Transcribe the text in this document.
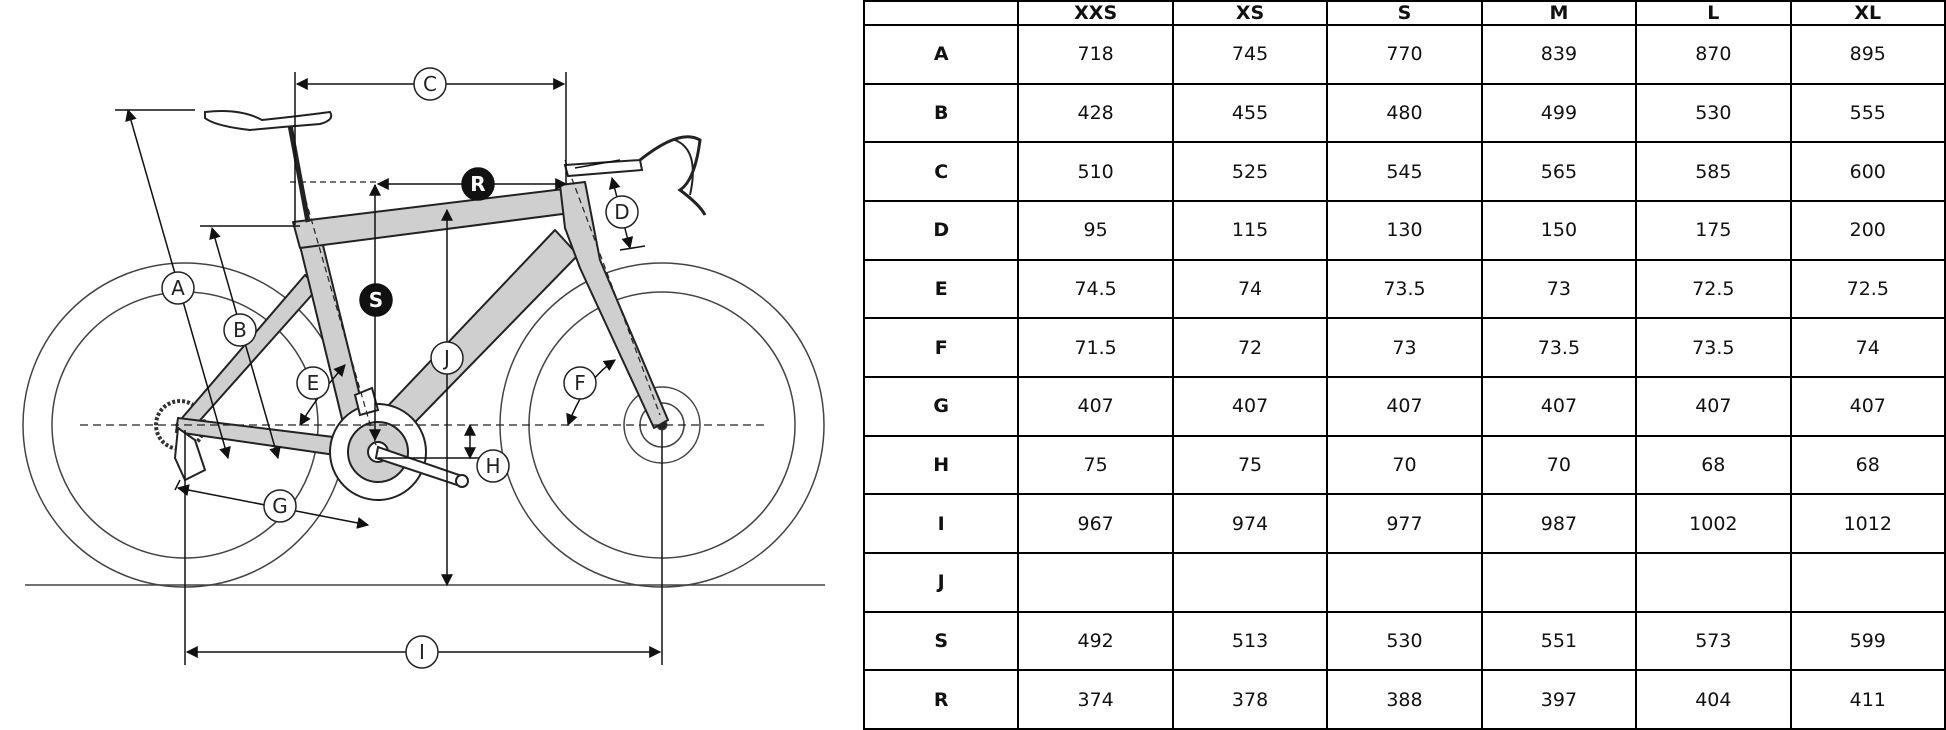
A
B
C
D
E	F
G
H
I
J
R
S
	XXS	XS	S	M	L	XL
A	718	745	770	839	870	895
B	428	455	480	499	530	555
C	510	525	545	565	585	600
D	95	115	130	150	175	200
E	74.5	74	73.5	73	72.5	72.5
F	71.5	72	73	73.5	73.5	74
G	407	407	407	407	407	407
H	75	75	70	70	68	68
I	967	974	977	987	1002	1012
J						
S	492	513	530	551	573	599
R	374	378	388	397	404	411
